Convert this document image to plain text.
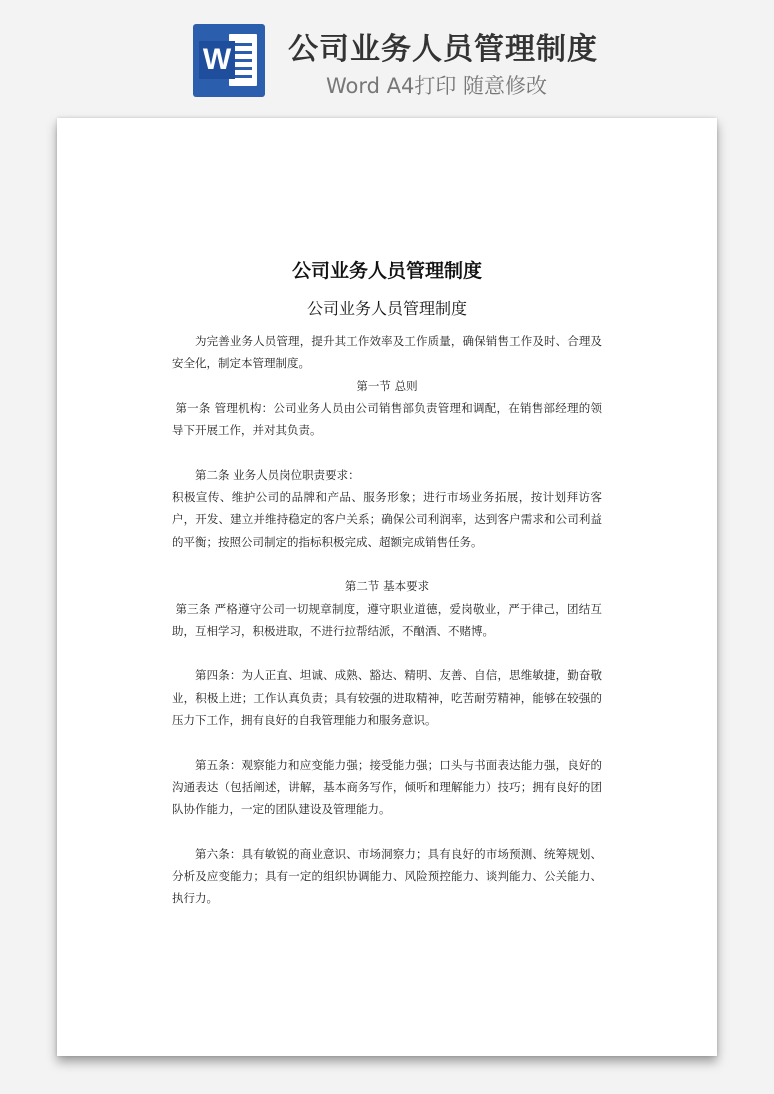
W 公司业务人员管理制度
Word A4打印 随意修改
公司业务人员管理制度
公司业务人员管理制度

为完善业务人员管理，提升其工作效率及工作质量，确保销售工作及时、合理及安全化，制定本管理制度。

第一节 总则

第一条 管理机构：公司业务人员由公司销售部负责管理和调配，在销售部经理的领导下开展工作，并对其负责。

第二条 业务人员岗位职责要求：

积极宣传、维护公司的品牌和产品、服务形象；进行市场业务拓展，按计划拜访客户，开发、建立并维持稳定的客户关系；确保公司利润率，达到客户需求和公司利益的平衡；按照公司制定的指标积极完成、超额完成销售任务。

第二节 基本要求

第三条 严格遵守公司一切规章制度，遵守职业道德，爱岗敬业，严于律己，团结互助，互相学习，积极进取，不进行拉帮结派，不酗酒、不赌博。

第四条：为人正直、坦诚、成熟、豁达、精明、友善、自信，思维敏捷，勤奋敬业，积极上进；工作认真负责；具有较强的进取精神，吃苦耐劳精神，能够在较强的压力下工作，拥有良好的自我管理能力和服务意识。

第五条：观察能力和应变能力强；接受能力强；口头与书面表达能力强，良好的沟通表达（包括阐述，讲解，基本商务写作，倾听和理解能力）技巧；拥有良好的团队协作能力，一定的团队建设及管理能力。

第六条：具有敏锐的商业意识、市场洞察力；具有良好的市场预测、统筹规划、分析及应变能力；具有一定的组织协调能力、风险预控能力、谈判能力、公关能力、执行力。
